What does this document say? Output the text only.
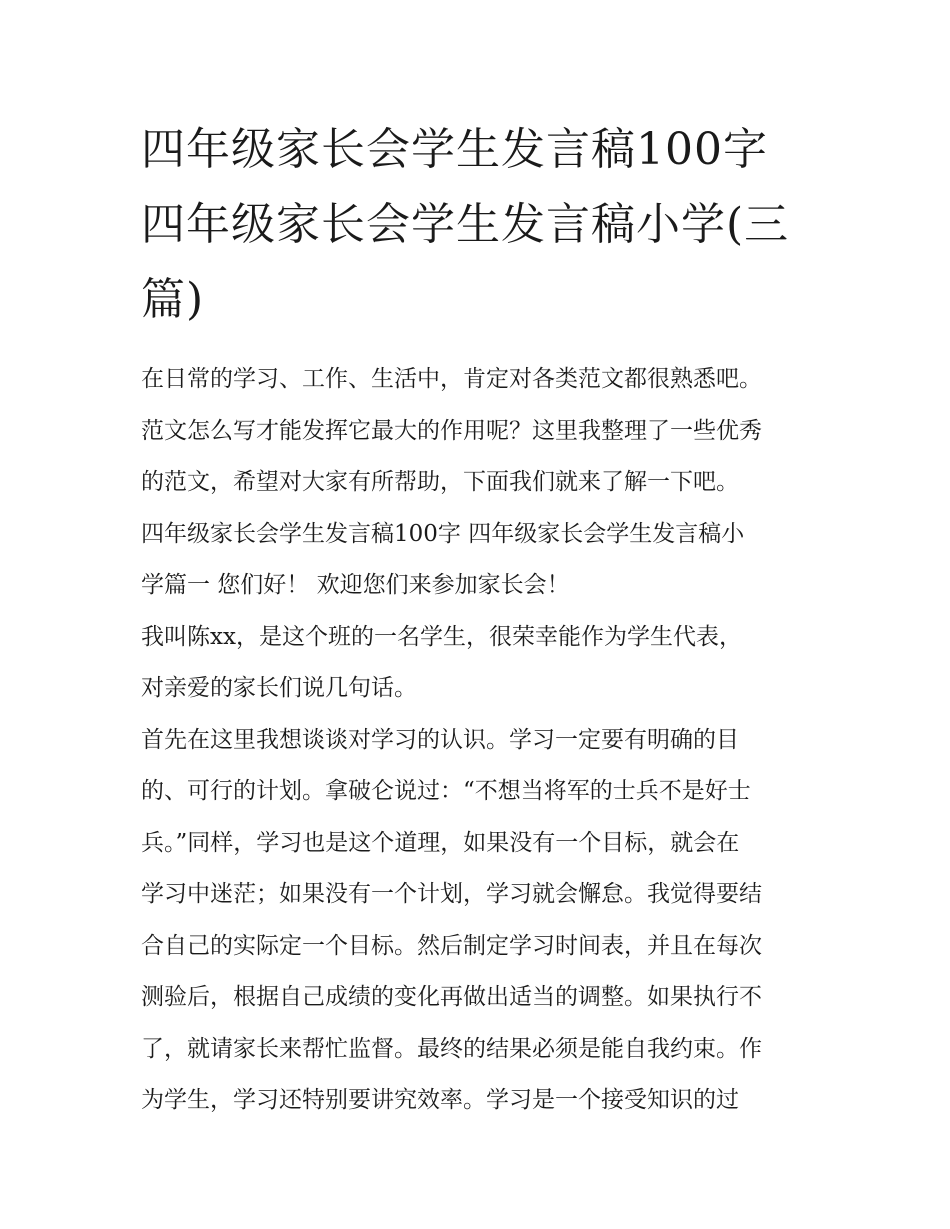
四年级家长会学生发言稿100字 四年级家长会学生发言稿小学(三篇)
在日常的学习、工作、生活中，肯定对各类范文都很熟悉吧。
范文怎么写才能发挥它最大的作用呢？这里我整理了一些优秀
的范文，希望对大家有所帮助，下面我们就来了解一下吧。
四年级家长会学生发言稿100字 四年级家长会学生发言稿小
学篇一 您们好！ 欢迎您们来参加家长会！
我叫陈xx，是这个班的一名学生，很荣幸能作为学生代表，
对亲爱的家长们说几句话。
首先在这里我想谈谈对学习的认识。学习一定要有明确的目
的、可行的计划。拿破仑说过：“不想当将军的士兵不是好士
兵。”同样，学习也是这个道理，如果没有一个目标，就会在
学习中迷茫；如果没有一个计划，学习就会懈怠。我觉得要结
合自己的实际定一个目标。然后制定学习时间表，并且在每次
测验后，根据自己成绩的变化再做出适当的调整。如果执行不
了，就请家长来帮忙监督。最终的结果必须是能自我约束。作
为学生，学习还特别要讲究效率。学习是一个接受知识的过
